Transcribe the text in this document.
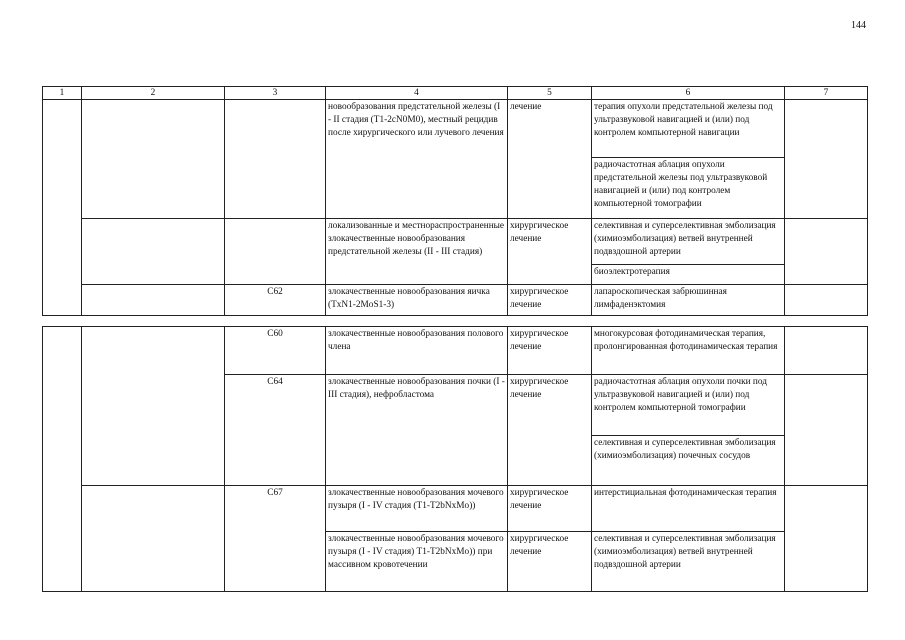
144
1	2	3	4	5	6	7
			новообразования предстательной железы (I - II стадия (T1-2cN0M0), местный рецидив после хирургического или лучевого лечения	лечение	терапия опухоли предстательной железы под ультразвуковой навигацией и (или) под контролем компьютерной навигации	
					радиочастотная аблация опухоли предстательной железы под ультразвуковой навигацией и (или) под контролем компьютерной томографии	
			локализованные и местнораспространенные злокачественные новообразования предстательной железы (II - III стадия)	хирургическое лечение	селективная и суперселективная эмболизация (химиоэмболизация) ветвей внутренней подвздошной артерии	
					биоэлектротерапия	
		C62	злокачественные новообразования яичка (TxN1-2MoS1-3)	хирургическое лечение	лапароскопическая забрюшинная лимфаденэктомия	
		C60	злокачественные новообразования полового члена	хирургическое лечение	многокурсовая фотодинамическая терапия, пролонгированная фотодинамическая терапия	
		C64	злокачественные новообразования почки (I - III стадия), нефробластома	хирургическое лечение	радиочастотная аблация опухоли почки под ультразвуковой навигацией и (или) под контролем компьютерной томографии	
					селективная и суперселективная эмболизация (химиоэмболизация) почечных сосудов	
		C67	злокачественные новообразования мочевого пузыря (I - IV стадия (T1-T2bNxMo))	хирургическое лечение	интерстициальная фотодинамическая терапия	
			злокачественные новообразования мочевого пузыря (I - IV стадия) T1-T2bNxMo)) при массивном кровотечении	хирургическое лечение	селективная и суперселективная эмболизация (химиоэмболизация) ветвей внутренней подвздошной артерии	
